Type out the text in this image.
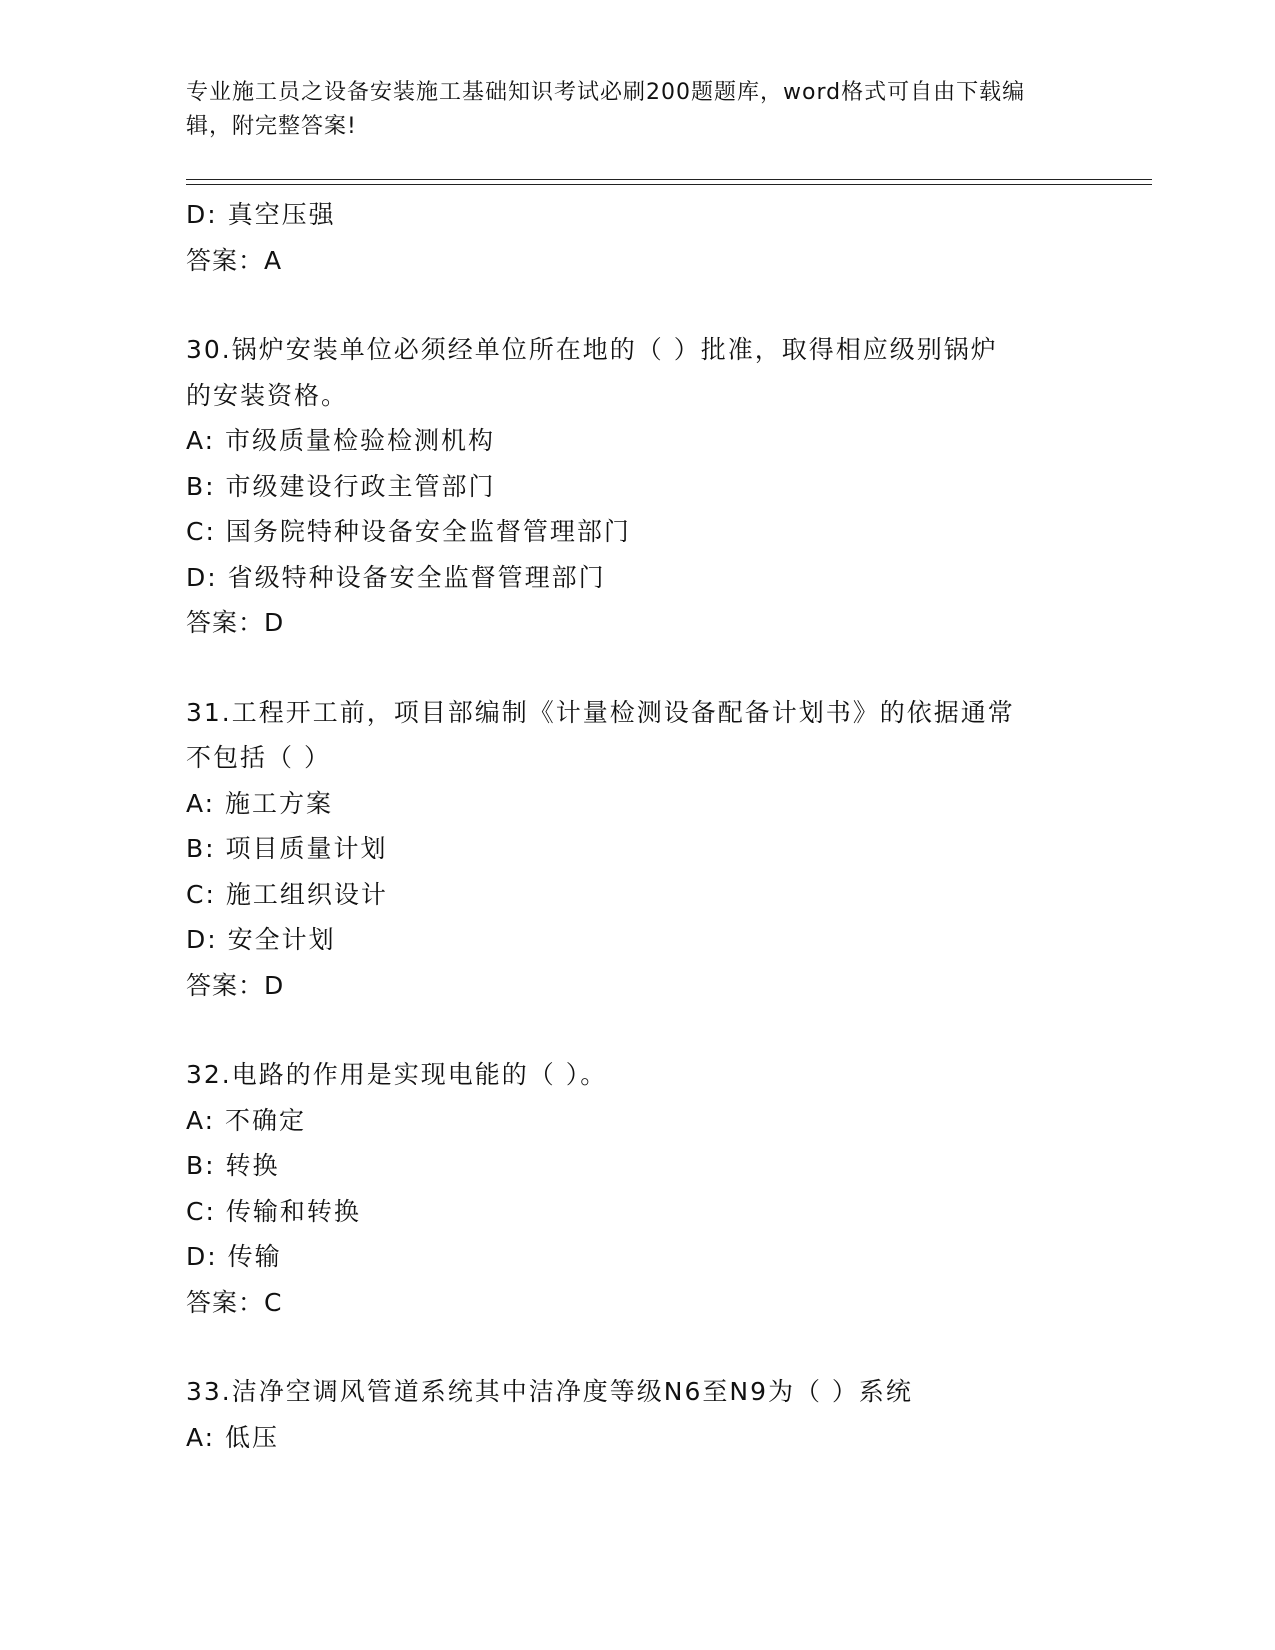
专业施工员之设备安装施工基础知识考试必刷200题题库，word格式可自由下载编辑，附完整答案!
D: 真空压强
答案：A
30.锅炉安装单位必须经单位所在地的（ ）批准，取得相应级别锅炉
的安装资格。
A: 市级质量检验检测机构
B: 市级建设行政主管部门
C: 国务院特种设备安全监督管理部门
D: 省级特种设备安全监督管理部门
答案：D
31.工程开工前，项目部编制《计量检测设备配备计划书》的依据通常
不包括（ ）
A: 施工方案
B: 项目质量计划
C: 施工组织设计
D: 安全计划
答案：D
32.电路的作用是实现电能的（ ）。
A: 不确定
B: 转换
C: 传输和转换
D: 传输
答案：C
33.洁净空调风管道系统其中洁净度等级N6至N9为（ ）系统
A: 低压
